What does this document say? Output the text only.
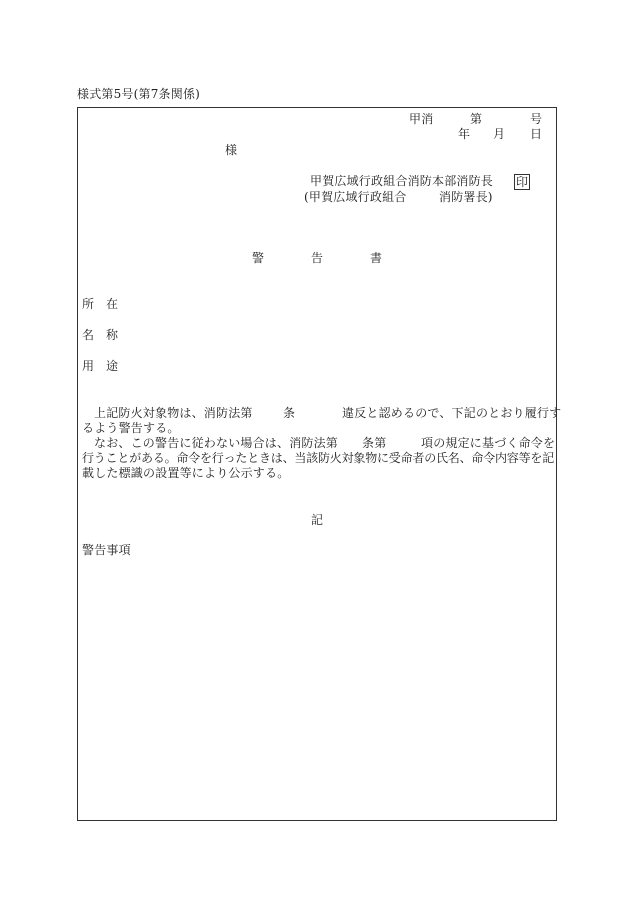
様式第5号(第7条関係)
甲消	第	号
年 月 日
様
甲賀広域行政組合消防本部消防長 印
(甲賀広域行政組合	消防署長)
警	告	書
所 在
名 称
用 途
上記防火対象物は、消防法第	条	違反と認めるので、下記のとおり履行す
るよう警告する。
なお、この警告に従わない場合は、消防法第 条第	項の規定に基づく命令を
行うことがある。命令を行ったときは、当該防火対象物に受命者の氏名、命令内容等を記
載した標識の設置等により公示する。
記
警告事項
